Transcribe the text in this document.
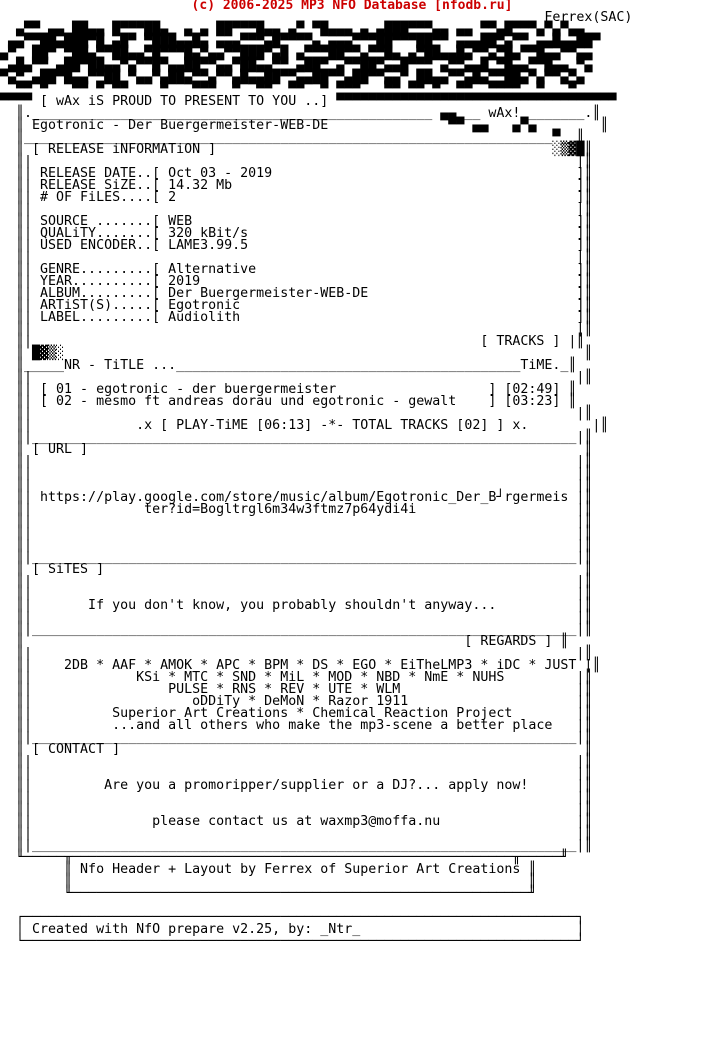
(c) 2006-2025 MP3 NFO Database [nfodb.ru]
Ferrex(SAC)
▄▀▀ ▄▄ ██▄▄ █▀▀▀██▄  ▄ ▄ ██▀▀▀█▄▄ ▄▀ ▀█▄▄▄ ▄ ▄███▀▀▀▄▄ ▄▄ ▀▀▄█▀▀▀▄▀▄▀▄▄
▄▄▀▀██▄███▀█ ▄█▀ ▀███▄▄█▄ ▄▄▄▀▀▀▄█▀▀▀▀▄ ▄▄▄▀▀▀██▀▀▀██▀▀ ▄▄▄██▀▄▀▀ ▄▄█▄▄██▀
▄▀  ██▀ ▀██▄▀▀██▄▄▀█▀▀▀█▄▀▄▄▀▀███▀▄█ ▄▀▀▀██▀▀▄▀▀█▄ ▄▀██▄▄█▄▀▀▄▀█▄▀▀█▄▄▀▀▄▄
▄█▄▀▀ ▄██▀██▄▄▀▄▀▀█▀▄▄██▀▀▄▄▀██▄▄▀▀ ▄██▀ ▄▀▀██▀▄▄█▀▀▀ ▄▀▀▄▄█ ▀█▄▄▀▀█▄▄ ▀▄
▀▄▀ ▄██▀█▄▄▀▀██ ▀▄▄▀▄██▄▀▀▄▀▀▄█▄▄██▀▀▄▄██▀▀▄██▀▀▄▄▀ ██▄▄▀▀▄█▄▀▀██▄▀▄▀▀▄▀▄
▀▀ ▀   ▀▀ ▀ ▀▀    ▀   ▀▀▀  ▀  ▀▀  ▀▀  ▀ ▀▀▀   ▀▀ ▀▀ ▀  ▀▀  ▀▀▀▀  ▀   ▀
▀▀▀▀ [ wAx iS PROUD TO PRESENT TO YOU ..] ▀▀▀▀▀▀▀▀▀▀▀▀▀▀▀▀▀▀▀▀▀▀▀▀▀▀▀▀▀▀▀▀▀▀▀
║.__________________________________________________ ▄▄ __ wAx! _______.║
║ Egotronic - Der Buergermeister-WEB-DE               ▀▀ ▄▄   ▄▀▄        ║
║__________________________________________________________________▀__║
║ [ RELEASE iNFORMATiON ]                                          ░▒▓█║
║|                                                                    |║
║| RELEASE DATE..[ Oct 03 - 2019                                      ]║
║| RELEASE SiZE..[ 14.32 Mb                                           ]║
║| # OF FiLES....[ 2                                                  ]║
║|                                                                    |║
║| SOURCE .......[ WEB                                                ]║
║| QUALiTY.......[ 320 kBit/s                                         ]║
║| USED ENCODER..[ LAME3.99.5                                         ]║
║|                                                                    |║
║| GENRE.........[ Alternative                                        ]║
║| YEAR..........[ 2019                                               ]║
║| ALBUM.........[ Der Buergermeister-WEB-DE                          ]║
║| ARTiST(S).....[ Egotronic                                          ]║
║| LABEL.........[ Audiolith                                          ]║
║|                                                                    |║
║|                                                        [ TRACKS ] |║
║ █▓▒░                                                                 ║
║_____NR - TiTLE ...___________________________________________TiME._║
║|                                                                    |║
║| [ 01 - egotronic - der buergermeister                   ] [02:49] ║
║| [ 02 - mesmo ft andreas dorau und egotronic - gewalt    ] [03:23] ║
║|                                                                    |║
║|             .x [ PLAY-TiME [06:13] -*- TOTAL TRACKS [02] ] x.        |║
║|____________________________________________________________________|║
║ [ URL ]                                                              ║
║|                                                                    |║
║|                                                                    |║
║|                                                                    |║
║| https://play.google.com/store/music/album/Egotronic_Der_B┘rgermeis |║
║|              ter?id=Bogltrgl6m34w3ftmz7p64ydi4i                    |║
║|                                                                    |║
║|                                                                    |║
║|                                                                    |║
║|____________________________________________________________________|║
║ [ SiTES ]                                                            ║
║|                                                                    |║
║|                                                                    |║
║|       If you don't know, you probably shouldn't anyway...          |║
║|                                                                    |║
║|____________________________________________________________________|║
║                                                       [ REGARDS ] ║
║|                                                                    |║
║|    2DB * AAF * AMOK * APC * BPM * DS * EGO * EiTheLMP3 * iDC * JUST |║
║|             KSi * MTC * SND * MiL * MOD * NBD * NmE * NUHS         |║
║|                 PULSE * RNS * REV * UTE * WLM                      |║
║|                    oDDiTy * DeMoN * Razor 1911                     |║
║|          Superior Art Creations * Chemical Reaction Project        |║
║|          ...and all others who make the mp3-scene a better place   |║
║|____________________________________________________________________|║
║ [ CONTACT ]                                                          ║
║|                                                                    |║
║|                                                                    |║
║|         Are you a promoripper/supplier or a DJ?... apply now!      |║
║|                                                                    |║
║|                                                                    |║
║|               please contact us at waxmp3@moffa.nu                 |║
║|                                                                    |║
║|____________________________________________________________________|║
╙─────╥───────────────────────────────────────────────────────╥─────╜
║ Nfo Header + Layout by Ferrex of Superior Art Creations ║
║                                                         ║
╙─────────────────────────────────────────────────────────╜

┌─────────────────────────────────────────────────────────────────────┐
│ Created with NfO prepare v2.25, by: _Ntr_                           │
└─────────────────────────────────────────────────────────────────────┘
